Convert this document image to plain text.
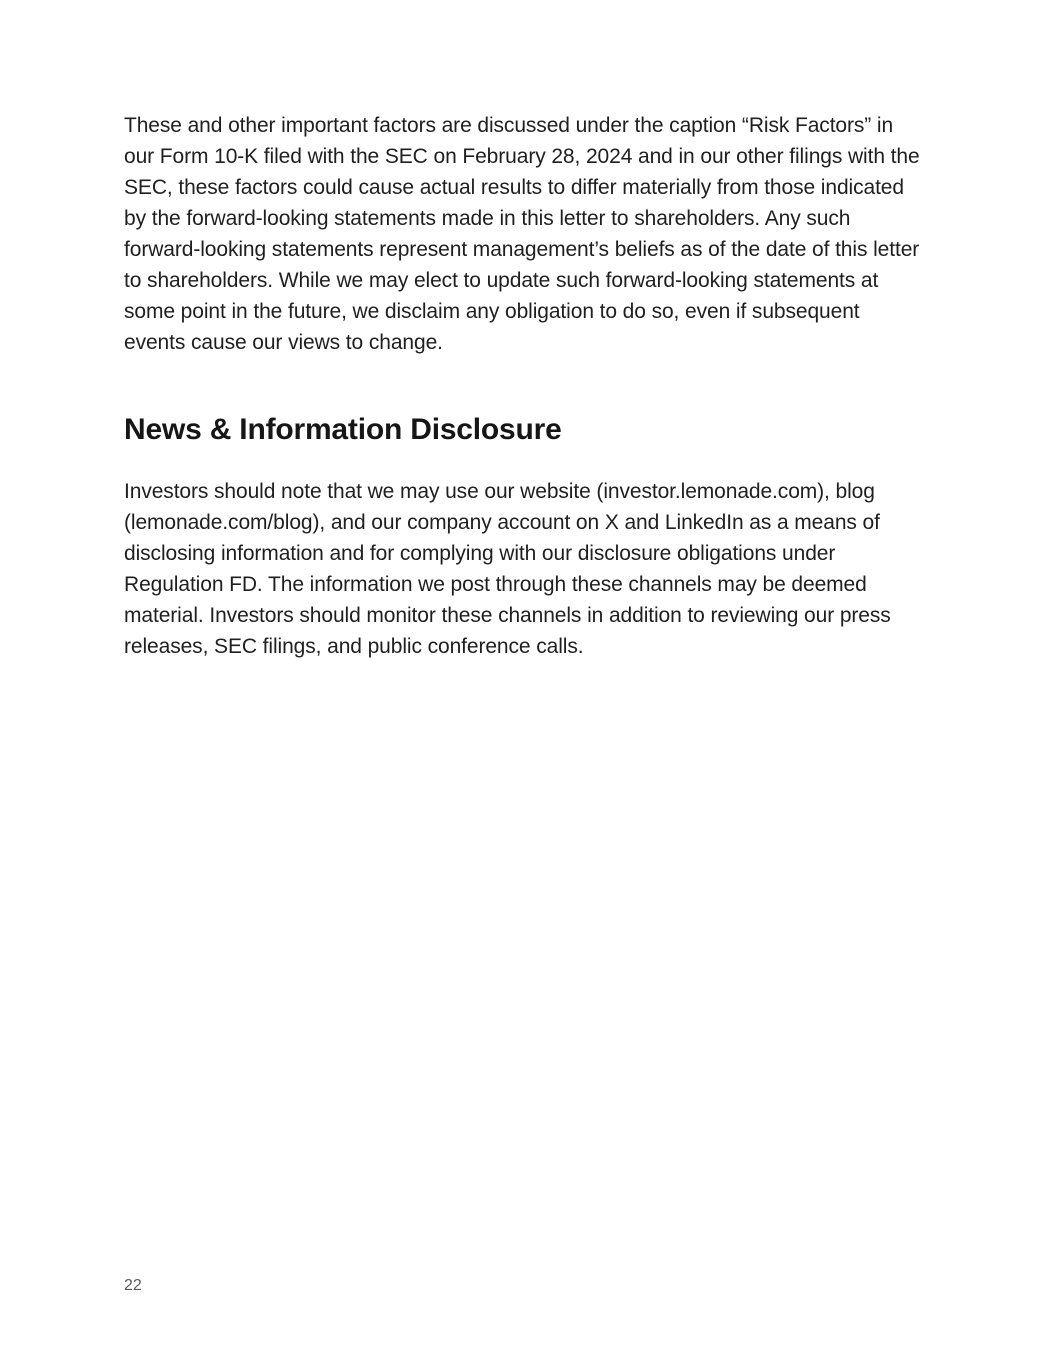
These and other important factors are discussed under the caption “Risk Factors” in our Form 10-K filed with the SEC on February 28, 2024 and in our other filings with the SEC, these factors could cause actual results to differ materially from those indicated by the forward-looking statements made in this letter to shareholders. Any such forward-looking statements represent management’s beliefs as of the date of this letter to shareholders. While we may elect to update such forward-looking statements at some point in the future, we disclaim any obligation to do so, even if subsequent events cause our views to change.

News & Information Disclosure

Investors should note that we may use our website (investor.lemonade.com), blog (lemonade.com/blog), and our company account on X and LinkedIn as a means of disclosing information and for complying with our disclosure obligations under Regulation FD. The information we post through these channels may be deemed material. Investors should monitor these channels in addition to reviewing our press releases, SEC filings, and public conference calls.

22
